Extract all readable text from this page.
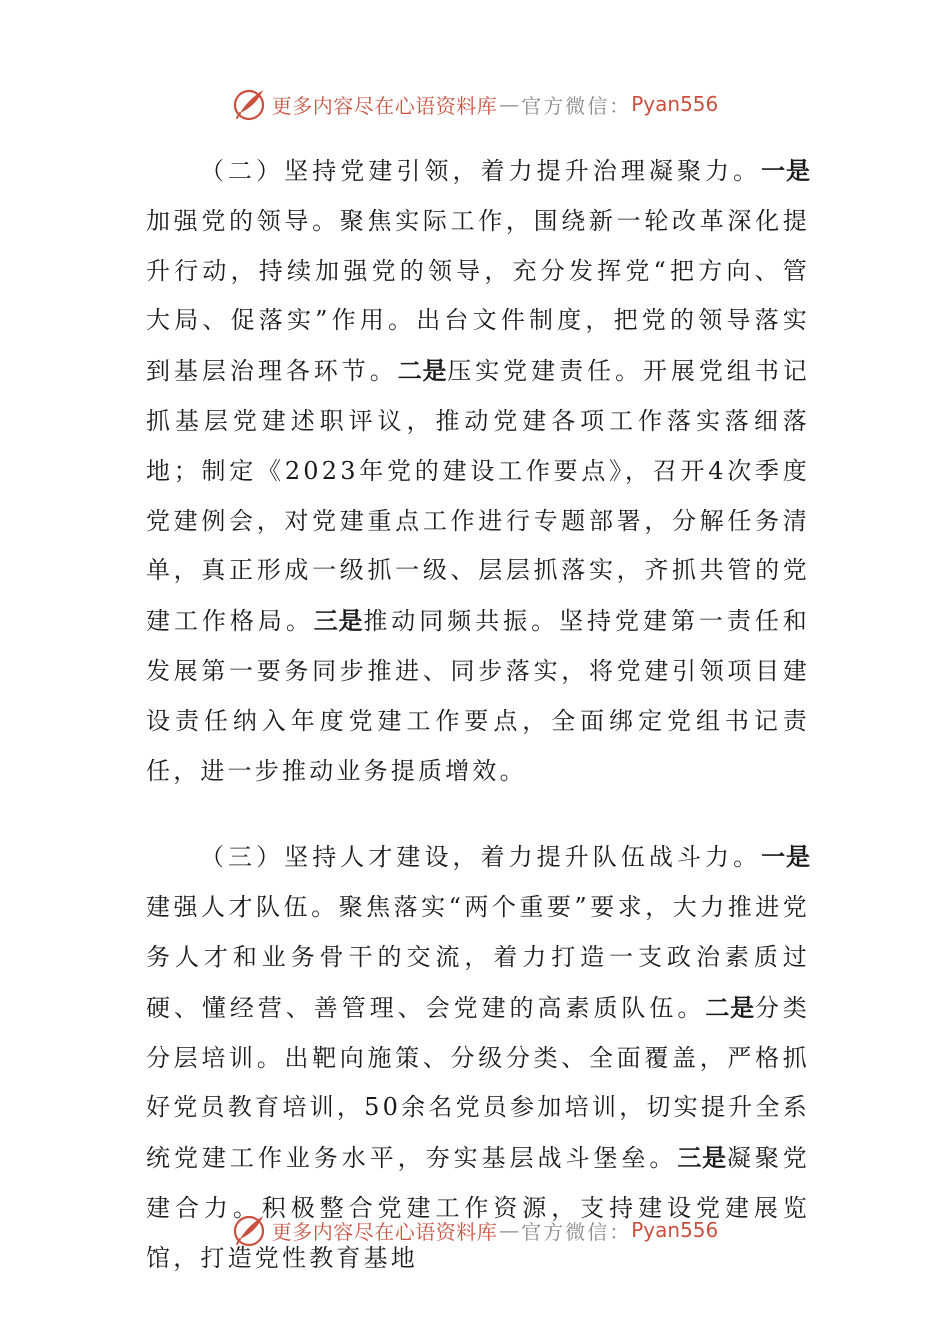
更多内容尽在心语资料库 — 官方微信： Pyan556

（二）坚持党建引领，着力提升治理凝聚力。一是加强党的领导。聚焦实际工作，围绕新一轮改革深化提升行动，持续加强党的领导，充分发挥党“把方向、管大局、促落实”作用。出台文件制度，把党的领导落实到基层治理各环节。二是压实党建责任。开展党组书记抓基层党建述职评议，推动党建各项工作落实落细落地；制定《2023年党的建设工作要点》，召开4次季度党建例会，对党建重点工作进行专题部署，分解任务清单，真正形成一级抓一级、层层抓落实，齐抓共管的党建工作格局。三是推动同频共振。坚持党建第一责任和发展第一要务同步推进、同步落实，将党建引领项目建设责任纳入年度党建工作要点，全面绑定党组书记责任，进一步推动业务提质增效。

（三）坚持人才建设，着力提升队伍战斗力。一是建强人才队伍。聚焦落实“两个重要”要求，大力推进党务人才和业务骨干的交流，着力打造一支政治素质过硬、懂经营、善管理、会党建的高素质队伍。二是分类分层培训。出靶向施策、分级分类、全面覆盖，严格抓好党员教育培训，50余名党员参加培训，切实提升全系统党建工作业务水平，夯实基层战斗堡垒。三是凝聚党建合力。积极整合党建工作资源，支持建设党建展览馆，打造党性教育基地

更多内容尽在心语资料库 — 官方微信： Pyan556
